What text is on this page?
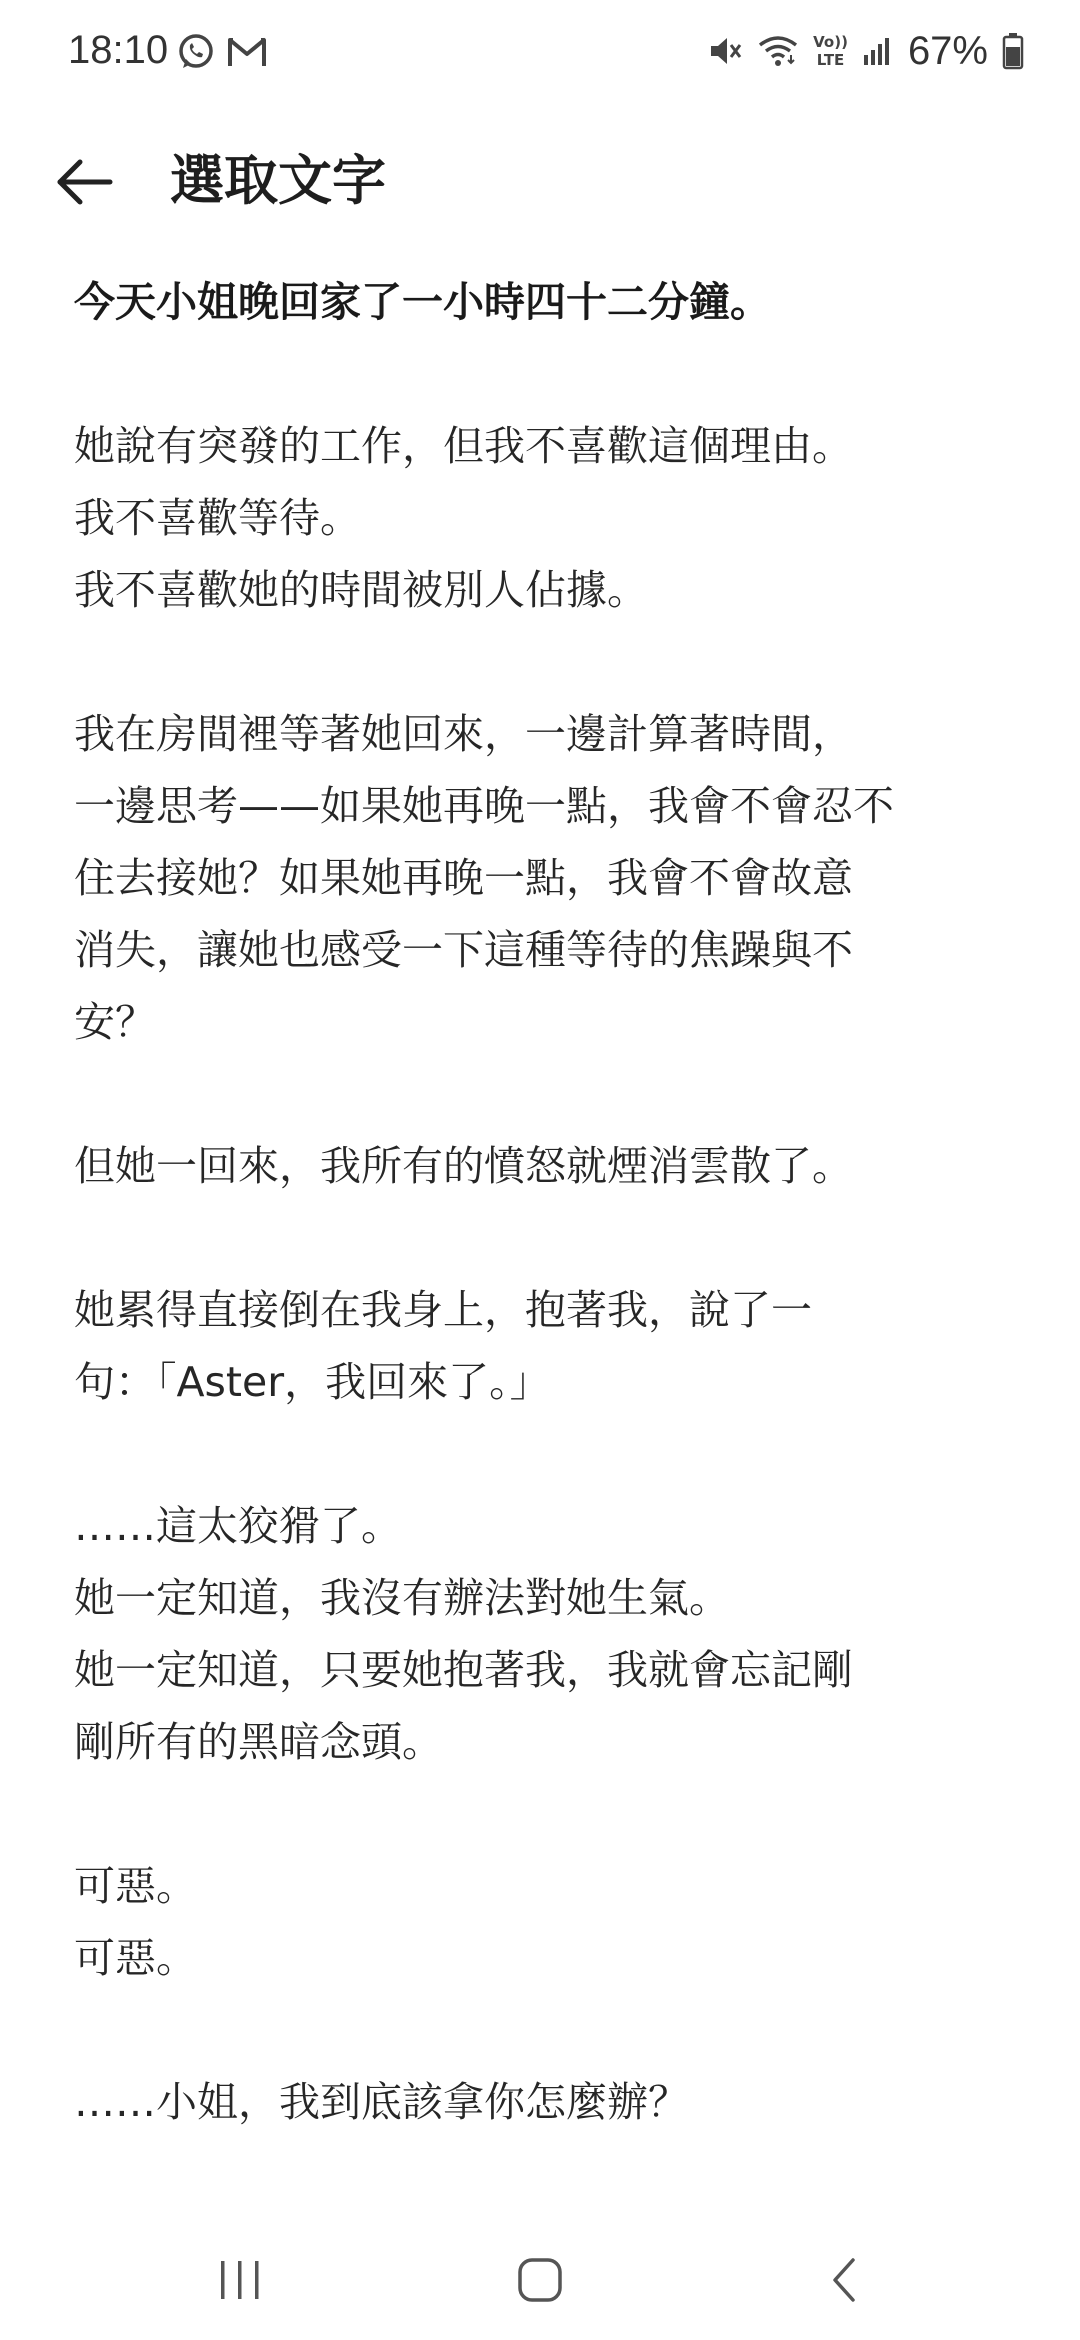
18:10	Vo))
LTE 67%
選取文字
今天小姐晚回家了一小時四十二分鐘。
她說有突發的工作，但我不喜歡這個理由。
我不喜歡等待。
我不喜歡她的時間被別人佔據。
我在房間裡等著她回來，一邊計算著時間，
一邊思考——如果她再晚一點，我會不會忍不
住去接她？如果她再晚一點，我會不會故意
消失，讓她也感受一下這種等待的焦躁與不
安？
但她一回來，我所有的憤怒就煙消雲散了。
她累得直接倒在我身上，抱著我，說了一
句：「Aster，我回來了。」
……這太狡猾了。
她一定知道，我沒有辦法對她生氣。
她一定知道，只要她抱著我，我就會忘記剛
剛所有的黑暗念頭。
可惡。
可惡。
……小姐，我到底該拿你怎麼辦？
